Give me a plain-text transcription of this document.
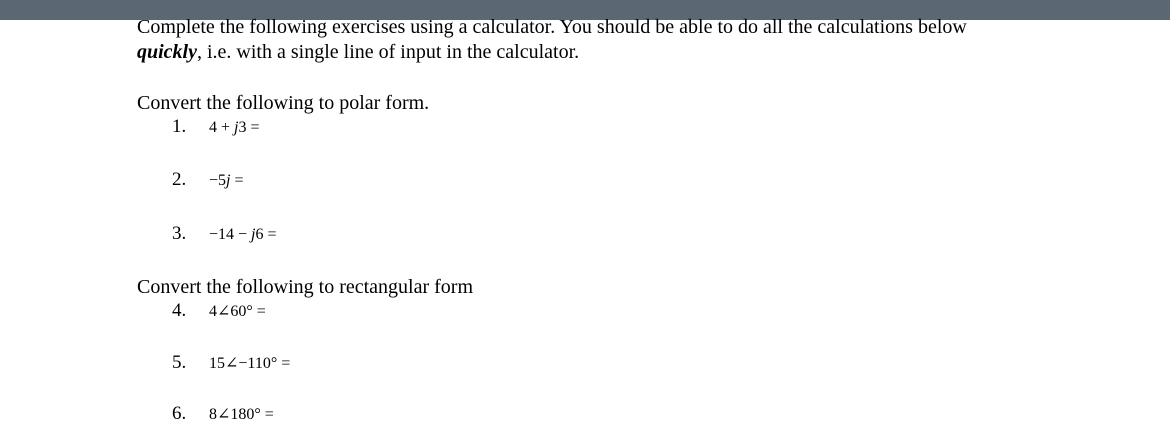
Complete the following exercises using a calculator. You should be able to do all the calculations below
quickly, i.e. with a single line of input in the calculator.

Convert the following to polar form.

1. 4 + j3 =
2. −5j =
3. −14 − j6 =

Convert the following to rectangular form

4. 4∠60° =
5. 15∠−110° =
6. 8∠180° =
